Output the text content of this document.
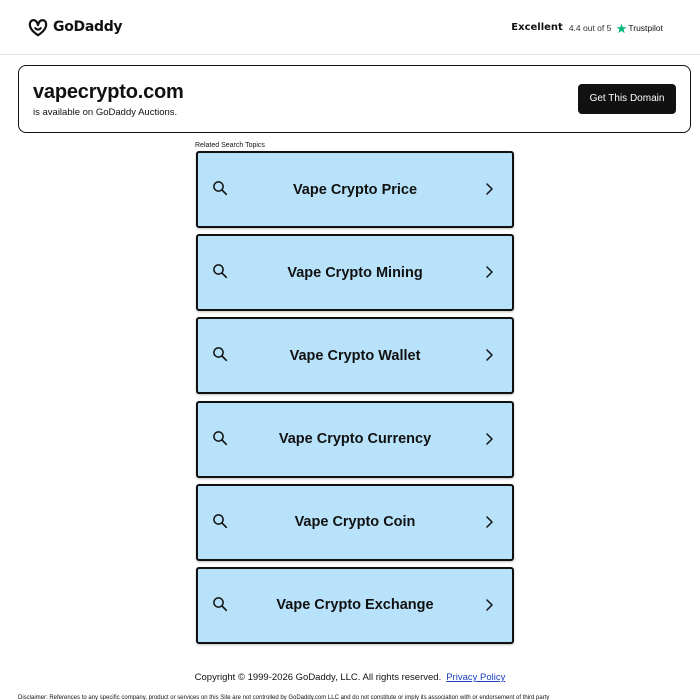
GoDaddy	Excellent 4.4 out of 5 Trustpilot
vapecrypto.com
is available on GoDaddy Auctions.
Get This Domain
Related Search Topics
Vape Crypto Price
Vape Crypto Mining
Vape Crypto Wallet
Vape Crypto Currency
Vape Crypto Coin
Vape Crypto Exchange
Copyright © 1999-2026 GoDaddy, LLC. All rights reserved. Privacy Policy
Disclaimer: References to any specific company, product or services on this Site are not controlled by GoDaddy.com LLC and do not constitute or imply its association with or endorsement of third party
